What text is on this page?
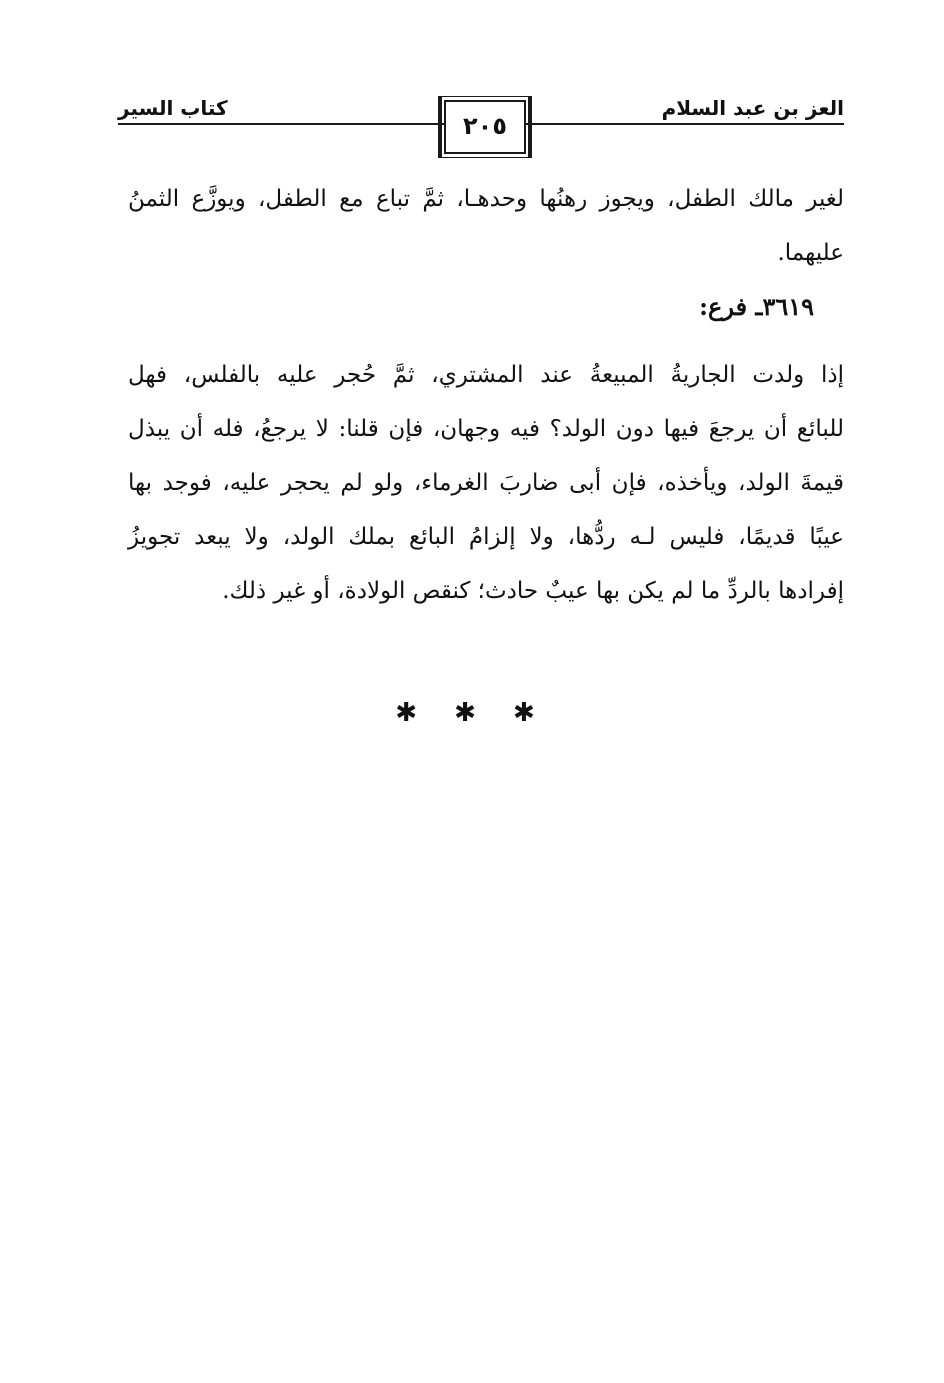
العز بن عبد السلام
كتاب السير
٢٠٥
لغير مالك الطفل، ويجوز رهنُها وحدهـا، ثمَّ تباع مع الطفل، ويوزَّع الثمنُ
عليهما.
٣٦١٩ـ فرع:
إذا ولدت الجاريةُ المبيعةُ عند المشتري، ثمَّ حُجر عليه بالفلس، فهل
للبائع أن يرجعَ فيها دون الولد؟ فيه وجهان، فإن قلنا: لا يرجعُ، فله أن يبذل
قيمةَ الولد، ويأخذه، فإن أبى ضاربَ الغرماء، ولو لم يحجر عليه، فوجد بها
عيبًا قديمًا، فليس لـه ردُّها، ولا إلزامُ البائع بملك الولد، ولا يبعد تجويزُ
إفرادها بالردِّ ما لم يكن بها عيبٌ حادث؛ كنقص الولادة، أو غير ذلك.
✱ ✱ ✱
